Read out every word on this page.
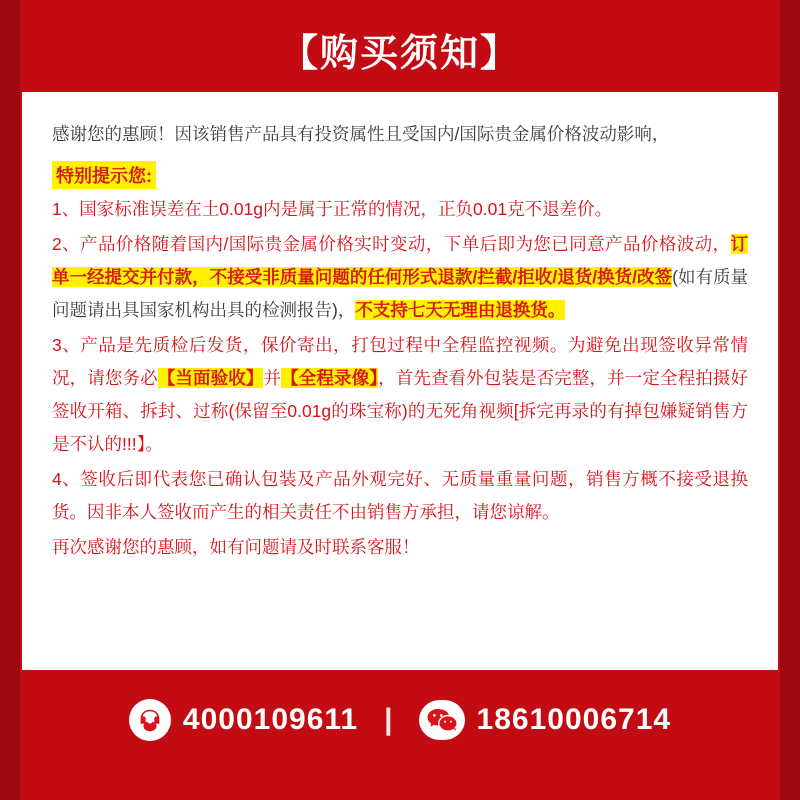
【购买须知】

感谢您的惠顾！因该销售产品具有投资属性且受国内/国际贵金属价格波动影响，

特别提示您:

1、国家标准误差在土0.01g内是属于正常的情况，正负0.01克不退差价。

2、产品价格随着国内/国际贵金属价格实时变动，下单后即为您已同意产品价格波动，订单一经提交并付款，不接受非质量问题的任何形式退款/拦截/拒收/退货/换货/改签(如有质量问题请出具国家机构出具的检测报告)，不支持七天无理由退换货。

3、产品是先质检后发货，保价寄出，打包过程中全程监控视频。为避免出现签收异常情况，请您务必【当面验收】并【全程录像】，首先查看外包装是否完整，并一定全程拍摄好签收开箱、拆封、过称(保留至0.01g的珠宝称)的无死角视频[拆完再录的有掉包嫌疑销售方是不认的!!!】。

4、签收后即代表您已确认包装及产品外观完好、无质量重量问题，销售方概不接受退换货。因非本人签收而产生的相关责任不由销售方承担，请您谅解。

再次感谢您的惠顾，如有问题请及时联系客服！

4000109611 |	18610006714
